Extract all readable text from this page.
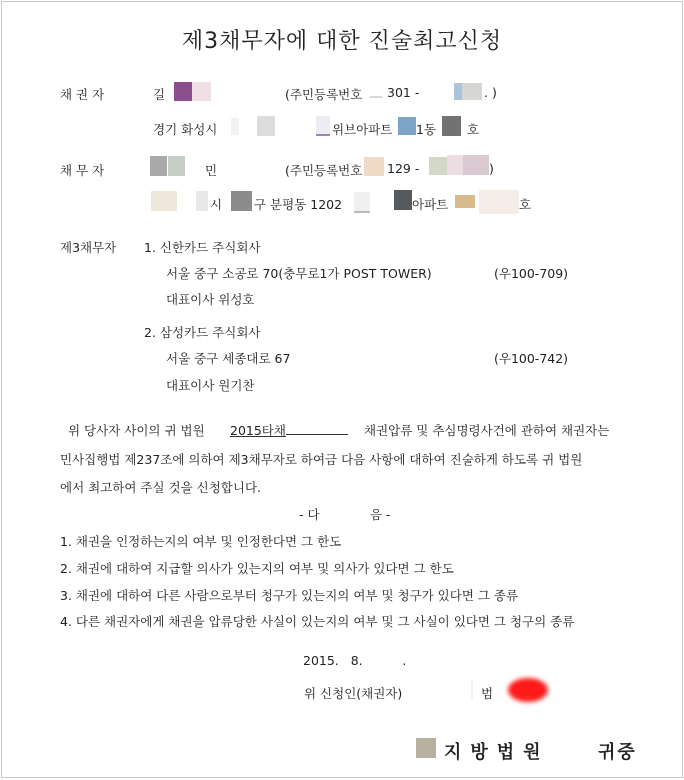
제3채무자에 대한 진술최고신청
채 권 자	길	(주민등록번호 301 -	. )
경기 화성시	위브아파트 1동 호
채 무 자	민	(주민등록번호 129 -	)
시	구 분평동 1202	아파트	호
제3채무자 1. 신한카드 주식회사
서울 중구 소공로 70(충무로1가 POST TOWER)	(우100-709)
대표이사 위성호
2. 삼성카드 주식회사
서울 중구 세종대로 67	(우100-742)
대표이사 원기찬
위 당사자 사이의 귀 법원 2015타채	채권압류 및 추심명령사건에 관하여 채권자는
민사집행법 제237조에 의하여 제3채무자로 하여금 다음 사항에 대하여 진술하게 하도록 귀 법원
에서 최고하여 주실 것을 신청합니다.
- 다	음 -
1. 채권을 인정하는지의 여부 및 인정한다면 그 한도
2. 채권에 대하여 지급할 의사가 있는지의 여부 및 의사가 있다면 그 한도
3. 채권에 대하여 다른 사람으로부터 청구가 있는지의 여부 및 청구가 있다면 그 종류
4. 다른 채권자에게 채권을 압류당한 사실이 있는지의 여부 및 그 사실이 있다면 그 청구의 종류
2015.   8.          .
위 신청인(채권자)	범
지방법원	귀중
